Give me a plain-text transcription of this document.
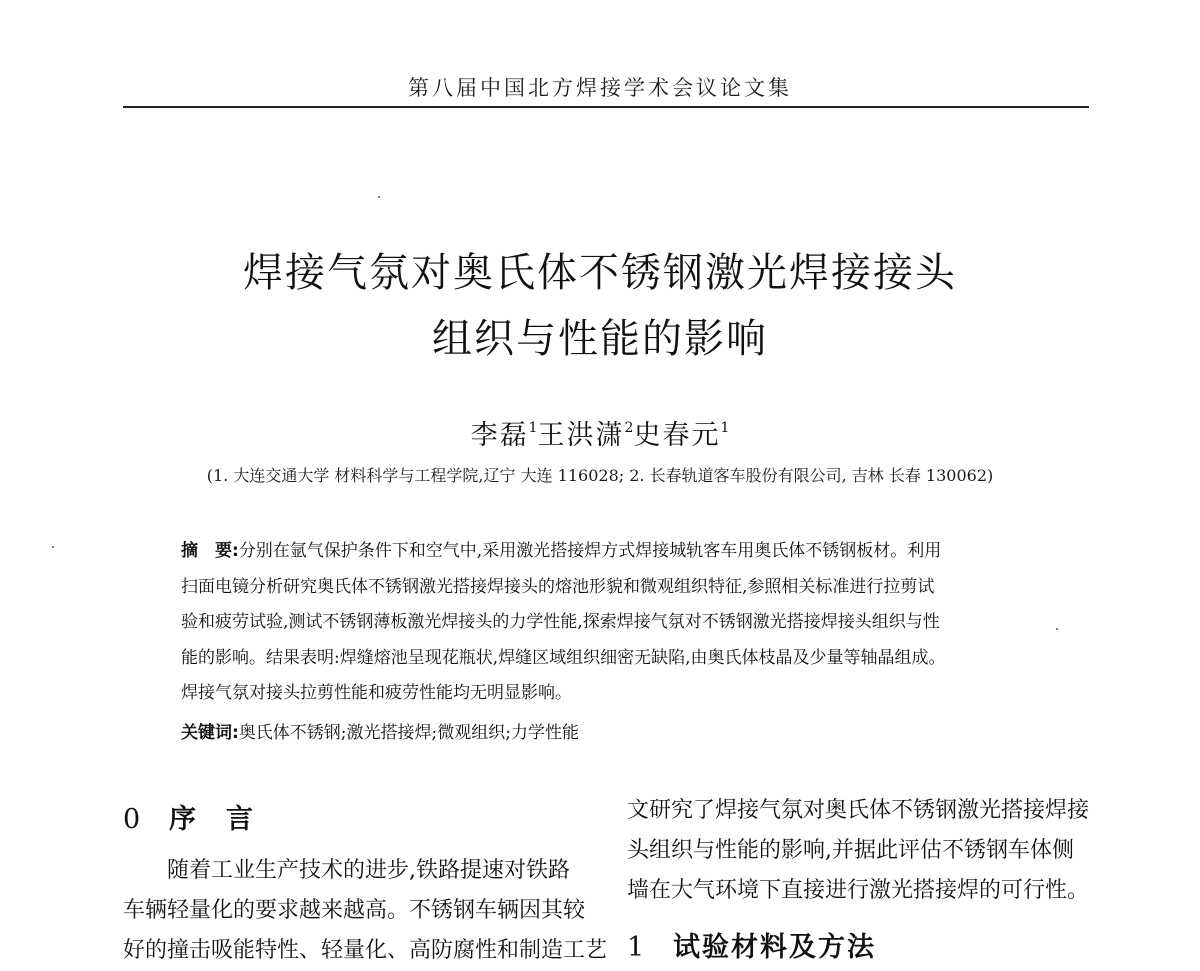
第八届中国北方焊接学术会议论文集
焊接气氛对奥氏体不锈钢激光焊接接头
组织与性能的影响
李磊$^1$王洪潇$^2$史春元$^1$
(1. 大连交通大学 材料科学与工程学院,辽宁 大连 116028; 2. 长春轨道客车股份有限公司, 吉林 长春 130062)
摘　要:分别在氩气保护条件下和空气中,采用激光搭接焊方式焊接城轨客车用奥氏体不锈钢板材。利用
扫面电镜分析研究奥氏体不锈钢激光搭接焊接头的熔池形貌和微观组织特征,参照相关标准进行拉剪试
验和疲劳试验,测试不锈钢薄板激光焊接头的力学性能,探索焊接气氛对不锈钢激光搭接焊接头组织与性
能的影响。结果表明:焊缝熔池呈现花瓶状,焊缝区域组织细密无缺陷,由奥氏体枝晶及少量等轴晶组成。
焊接气氛对接头拉剪性能和疲劳性能均无明显影响。
关键词:奥氏体不锈钢;激光搭接焊;微观组织;力学性能
0 序言
随着工业生产技术的进步,铁路提速对铁路
车辆轻量化的要求越来越高。不锈钢车辆因其较
好的撞击吸能特性、轻量化、高防腐性和制造工艺
文研究了焊接气氛对奥氏体不锈钢激光搭接焊接
头组织与性能的影响,并据此评估不锈钢车体侧
墙在大气环境下直接进行激光搭接焊的可行性。
1 试验材料及方法
